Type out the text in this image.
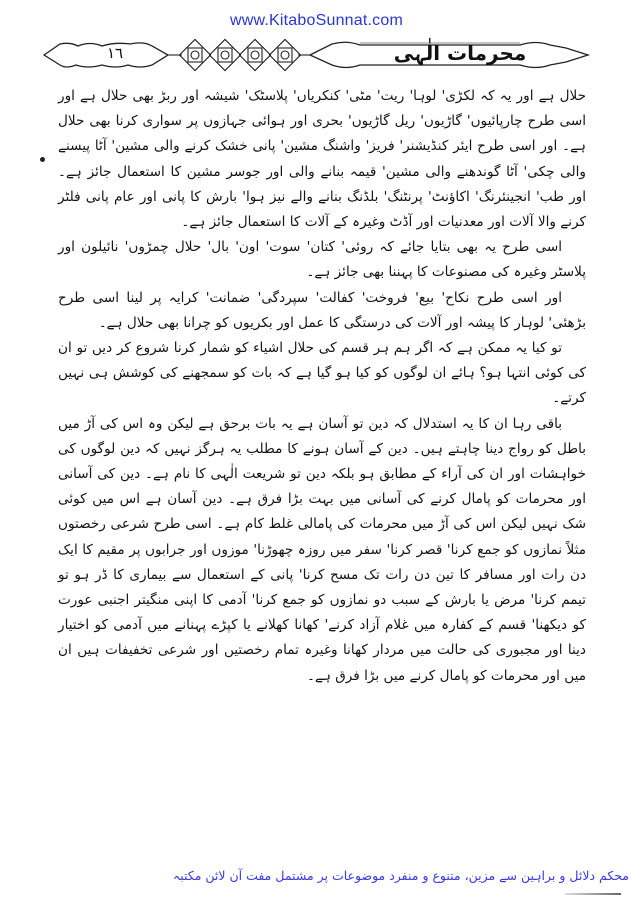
www.KitaboSunnat.com
١٦	محرمات الٰہی

حلال ہے اور یہ کہ لکڑی' لوہا' ریت' مٹی' کنکریاں' پلاسٹک' شیشہ اور ربڑ بھی حلال ہے اور اسی طرح چارپائیوں' گاڑیوں' ریل گاڑیوں' بحری اور ہوائی جہازوں پر سواری کرنا بھی حلال ہے۔ اور اسی طرح ایئر کنڈیشنر' فریز' واشنگ مشین' پانی خشک کرنے والی مشین' آٹا پیسنے والی چکی' آٹا گوندھنے والی مشین' قیمہ بنانے والی اور جوسر مشین کا استعمال جائز ہے۔ اور طب' انجینئرنگ' اکاؤنٹ' پرنٹنگ' بلڈنگ بنانے والے نیز ہوا' بارش کا پانی اور عام پانی فلٹر کرنے والا آلات اور معدنیات اور آڈٹ وغیرہ کے آلات کا استعمال جائز ہے۔

اسی طرح یہ بھی بتایا جائے کہ روئی' کتان' سوت' اون' بال' حلال چمڑوں' نائیلون اور پلاسٹر وغیرہ کی مصنوعات کا پہننا بھی جائز ہے۔

اور اسی طرح نکاح' بیع' فروخت' کفالت' سپردگی' ضمانت' کرایہ پر لینا اسی طرح بڑھئی' لوہار کا پیشہ اور آلات کی درستگی کا عمل اور بکریوں کو چرانا بھی حلال ہے۔

تو کیا یہ ممکن ہے کہ اگر ہم ہر قسم کی حلال اشیاء کو شمار کرنا شروع کر دیں تو ان کی کوئی انتہا ہو؟ ہائے ان لوگوں کو کیا ہو گیا ہے کہ بات کو سمجھنے کی کوشش ہی نہیں کرتے۔

باقی رہا ان کا یہ استدلال کہ دین تو آسان ہے یہ بات برحق ہے لیکن وہ اس کی آڑ میں باطل کو رواج دینا چاہتے ہیں۔ دین کے آسان ہونے کا مطلب یہ ہرگز نہیں کہ دین لوگوں کی خواہشات اور ان کی آراء کے مطابق ہو بلکہ دین تو شریعت الٰہی کا نام ہے۔ دین کی آسانی اور محرمات کو پامال کرنے کی آسانی میں بہت بڑا فرق ہے۔ دین آسان ہے اس میں کوئی شک نہیں لیکن اس کی آڑ میں محرمات کی پامالی غلط کام ہے۔ اسی طرح شرعی رخصتوں مثلاً نمازوں کو جمع کرنا' قصر کرنا' سفر میں روزہ چھوڑنا' موزوں اور جرابوں پر مقیم کا ایک دن رات اور مسافر کا تین دن رات تک مسح کرنا' پانی کے استعمال سے بیماری کا ڈر ہو تو تیمم کرنا' مرض یا بارش کے سبب دو نمازوں کو جمع کرنا' آدمی کا اپنی منگیتر اجنبی عورت کو دیکھنا' قسم کے کفارہ میں غلام آزاد کرنے' کھانا کھلانے یا کپڑے پہنانے میں آدمی کو اختیار دینا اور مجبوری کی حالت میں مردار کھانا وغیرہ تمام رخصتیں اور شرعی تخفیفات ہیں ان میں اور محرمات کو پامال کرنے میں بڑا فرق ہے۔

محکم دلائل و براہین سے مزین، متنوع و منفرد موضوعات پر مشتمل مفت آن لائن مکتبہ
